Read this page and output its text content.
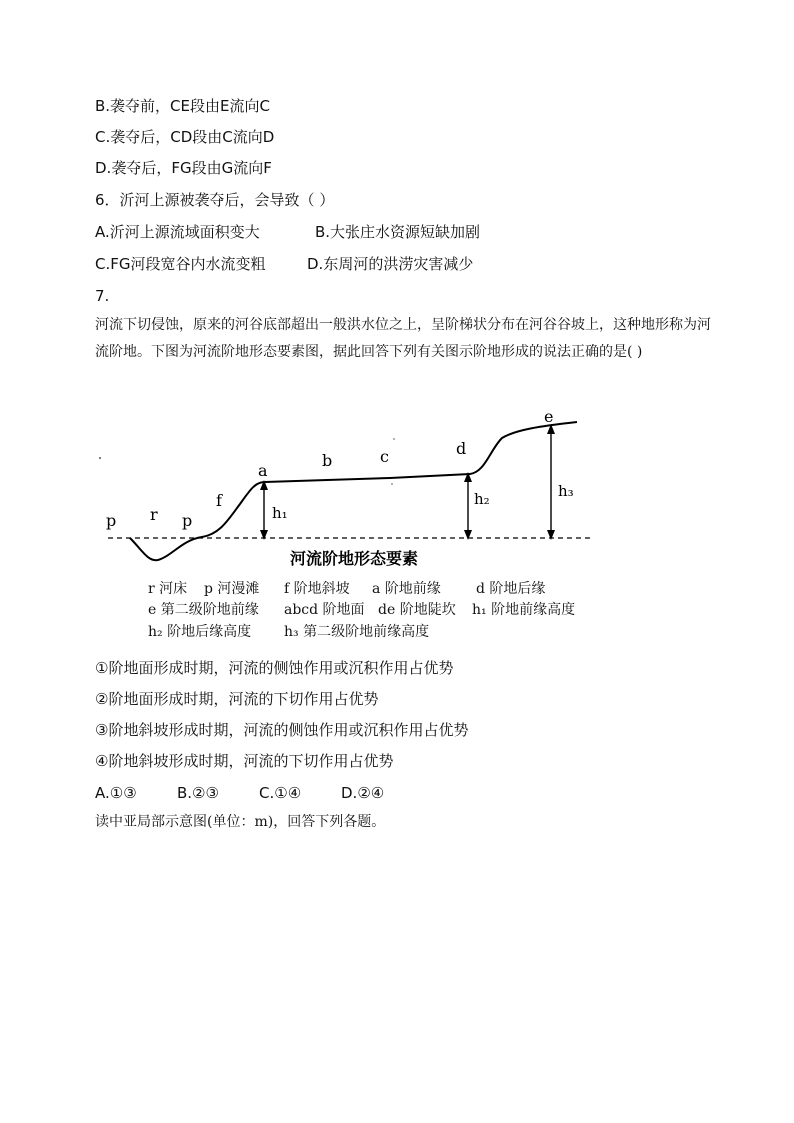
B.袭夺前，CE段由E流向C
C.袭夺后，CD段由C流向D
D.袭夺后，FG段由G流向F
6．沂河上源被袭夺后，会导致（ ）
A.沂河上源流域面积变大	B.大张庄水资源短缺加剧
C.FG河段宽谷内水流变粗	D.东周河的洪涝灾害减少
7.
河流下切侵蚀，原来的河谷底部超出一般洪水位之上，呈阶梯状分布在河谷谷坡上，这种地形称为河流阶地。下图为河流阶地形态要素图，据此回答下列有关图示阶地形成的说法正确的是( )
p r p
f
a
b	c	d
e
h₁
h₂	h₃
河流阶地形态要素
r 河床 p 河漫滩 f 阶地斜坡 a 阶地前缘	d 阶地后缘
e 第二级阶地前缘 abcd 阶地面 de 阶地陡坎 h₁ 阶地前缘高度
h₂ 阶地后缘高度 h₃ 第二级阶地前缘高度
①阶地面形成时期，河流的侧蚀作用或沉积作用占优势
②阶地面形成时期，河流的下切作用占优势
③阶地斜坡形成时期，河流的侧蚀作用或沉积作用占优势
④阶地斜坡形成时期，河流的下切作用占优势
A.①③	B.②③	C.①④	D.②④
读中亚局部示意图(单位：m)，回答下列各题。
